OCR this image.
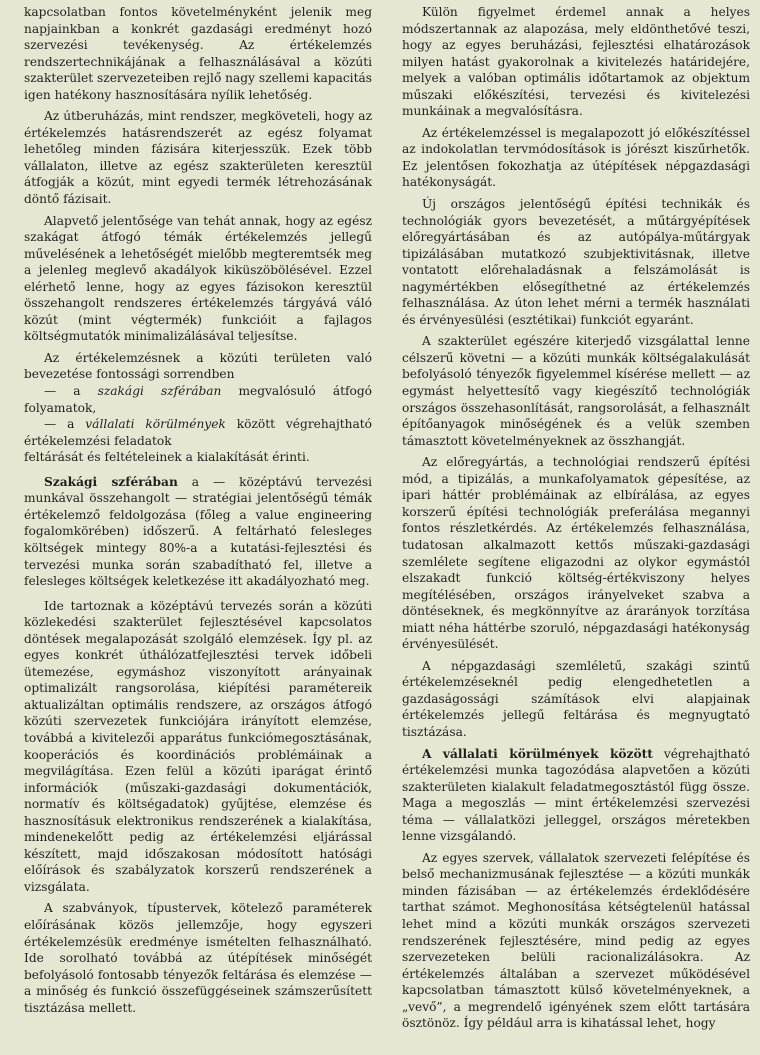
kapcsolatban fontos követelményként jelenik meg napjainkban a konkrét gazdasági eredményt hozó szervezési tevékenység. Az értékelemzés rendszertechnikájának a felhasználásával a közúti szakterület szervezeteiben rejlő nagy szellemi kapacitás igen hatékony hasznosítására nyílik lehetőség.

Az útberuházás, mint rendszer, megköveteli, hogy az értékelemzés hatásrendszerét az egész folyamat lehetőleg minden fázisára kiterjesszük. Ezek több vállalaton, illetve az egész szakterületen keresztül átfogják a közút, mint egyedi termék létrehozásának döntő fázisait.

Alapvető jelentősége van tehát annak, hogy az egész szakágat átfogó témák értékelemzés jellegű művelésének a lehetőségét mielőbb megteremtsék meg a jelenleg meglevő akadályok kiküszöbölésével. Ezzel elérhető lenne, hogy az egyes fázisokon keresztül összehangolt rendszeres értékelemzés tárgyává váló közút (mint végtermék) funkcióit a fajlagos költségmutatók minimalizálásával teljesítse.

Az értékelemzésnek a közúti területen való bevezetése fontossági sorrendben

— a szakági szférában megvalósuló átfogó folyamatok,

— a vállalati körülmények között végrehajtható értékelemzési feladatok

feltárását és feltételeinek a kialakítását érinti.

Szakági szférában a — középtávú tervezési munkával összehangolt — stratégiai jelentőségű témák értékelemző feldolgozása (főleg a value engineering fogalomkörében) időszerű. A feltárható felesleges költségek mintegy 80%-a a kutatási-fejlesztési és tervezési munka során szabadítható fel, illetve a felesleges költségek keletkezése itt akadályozható meg.

Ide tartoznak a középtávú tervezés során a közúti közlekedési szakterület fejlesztésével kapcsolatos döntések megalapozását szolgáló elemzések. Így pl. az egyes konkrét úthálózatfejlesztési tervek időbeli ütemezése, egymáshoz viszonyított arányainak optimalizált rangsorolása, kiépítési paramétereik aktualizáltan optimális rendszere, az országos átfogó közúti szervezetek funkciójára irányított elemzése, továbbá a kivitelezői apparátus funkciómegosztásának, kooperációs és koordinációs problémáinak a megvilágítása. Ezen felül a közúti iparágat érintő információk (műszaki-gazdasági dokumentációk, normatív és költségadatok) gyűjtése, elemzése és hasznosításuk elektronikus rendszerének a kialakítása, mindenekelőtt pedig az értékelemzési eljárással készített, majd időszakosan módosított hatósági előírások és szabályzatok korszerű rendszerének a vizsgálata.

A szabványok, típustervek, kötelező paraméterek előírásának közös jellemzője, hogy egyszeri értékelemzésük eredménye ismételten felhasználható. Ide sorolható továbbá az útépítések minőségét befolyásoló fontosabb tényezők feltárása és elemzése — a minőség és funkció összefüggéseinek számszerűsített tisztázása mellett.

Külön figyelmet érdemel annak a helyes módszertannak az alapozása, mely eldönthetővé teszi, hogy az egyes beruházási, fejlesztési elhatározások milyen hatást gyakorolnak a kivitelezés határidejére, melyek a valóban optimális időtartamok az objektum műszaki előkészítési, tervezési és kivitelezési munkáinak a megvalósításra.

Az értékelemzéssel is megalapozott jó előkészítéssel az indokolatlan tervmódosítások is jórészt kiszűrhetők. Ez jelentősen fokozhatja az útépítések népgazdasági hatékonyságát.

Új országos jelentőségű építési technikák és technológiák gyors bevezetését, a műtárgyépítések előregyártásában és az autópálya-műtárgyak tipizálásában mutatkozó szubjektivitásnak, illetve vontatott előrehaladásnak a felszámolását is nagymértékben elősegíthetné az értékelemzés felhasználása. Az úton lehet mérni a termék használati és érvényesülési (esztétikai) funkciót egyaránt.

A szakterület egészére kiterjedő vizsgálattal lenne célszerű követni — a közúti munkák költségalakulását befolyásoló tényezők figyelemmel kísérése mellett — az egymást helyettesítő vagy kiegészítő technológiák országos összehasonlítását, rangsorolását, a felhasznált építőanyagok minőségének és a velük szemben támasztott követelményeknek az összhangját.

Az előregyártás, a technológiai rendszerű építési mód, a tipizálás, a munkafolyamatok gépesítése, az ipari háttér problémáinak az elbírálása, az egyes korszerű építési technológiák preferálása megannyi fontos részletkérdés. Az értékelemzés felhasználása, tudatosan alkalmazott kettős műszaki-gazdasági szemlélete segítene eligazodni az olykor egymástól elszakadt funkció költség-értékviszony helyes megítélésében, országos irányelveket szabva a döntéseknek, és megkönnyítve az árarányok torzítása miatt néha háttérbe szoruló, népgazdasági hatékonyság érvényesülését.

A népgazdasági szemléletű, szakági szintű értékelemzéseknél pedig elengedhetetlen a gazdaságossági számítások elvi alapjainak értékelemzés jellegű feltárása és megnyugtató tisztázása.

A vállalati körülmények között végrehajtható értékelemzési munka tagozódása alapvetően a közúti szakterületen kialakult feladatmegosztástól függ össze. Maga a megoszlás — mint értékelemzési szervezési téma — vállalatközi jelleggel, országos méretekben lenne vizsgálandó.

Az egyes szervek, vállalatok szervezeti felépítése és belső mechanizmusának fejlesztése — a közúti munkák minden fázisában — az értékelemzés érdeklődésére tarthat számot. Meghonosítása kétségtelenül hatással lehet mind a közúti munkák országos szervezeti rendszerének fejlesztésére, mind pedig az egyes szervezeteken belüli racionalizálásokra. Az értékelemzés általában a szervezet működésével kapcsolatban támasztott külső követelményeknek, a „vevő”, a megrendelő igényének szem előtt tartására ösztönöz. Így például arra is kihatással lehet, hogy
